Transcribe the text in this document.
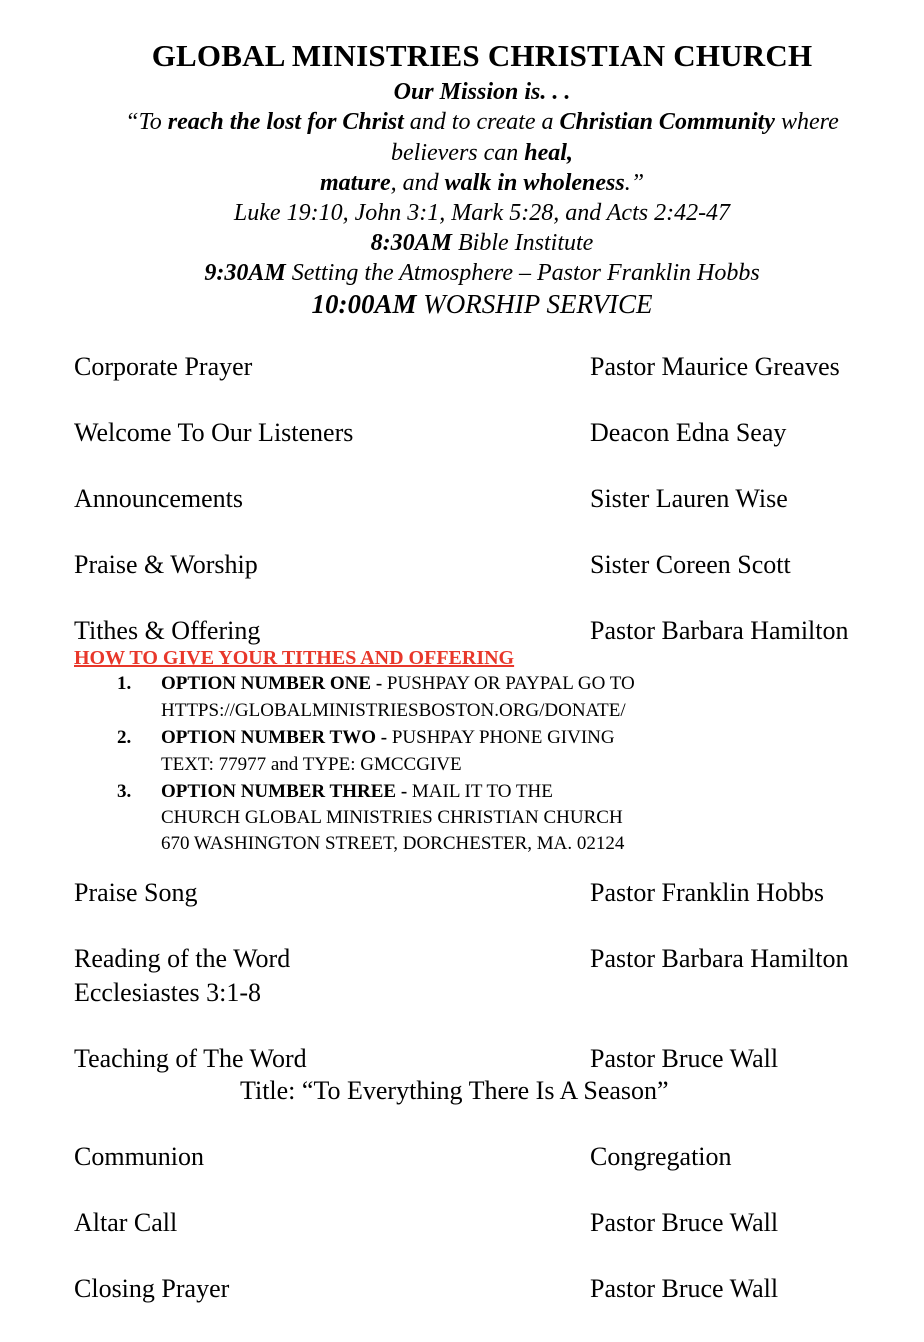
GLOBAL MINISTRIES CHRISTIAN CHURCH
Our Mission is. . .
“To reach the lost for Christ and to create a Christian Community where
believers can heal,
mature, and walk in wholeness.”
Luke 19:10, John 3:1, Mark 5:28, and Acts 2:42-47
8:30AM Bible Institute
9:30AM Setting the Atmosphere – Pastor Franklin Hobbs
10:00AM WORSHIP SERVICE
Corporate Prayer	Pastor Maurice Greaves
Welcome To Our Listeners	Deacon Edna Seay
Announcements	Sister Lauren Wise
Praise & Worship	Sister Coreen Scott
Tithes & Offering	Pastor Barbara Hamilton
HOW TO GIVE YOUR TITHES AND OFFERING
1. OPTION NUMBER ONE - PUSHPAY OR PAYPAL GO TO
HTTPS://GLOBALMINISTRIESBOSTON.ORG/DONATE/
2. OPTION NUMBER TWO - PUSHPAY PHONE GIVING
TEXT: 77977 and TYPE: GMCCGIVE
3. OPTION NUMBER THREE - MAIL IT TO THE
CHURCH GLOBAL MINISTRIES CHRISTIAN CHURCH
670 WASHINGTON STREET, DORCHESTER, MA. 02124
Praise Song	Pastor Franklin Hobbs
Reading of the Word	Pastor Barbara Hamilton
Ecclesiastes 3:1-8
Teaching of The Word	Pastor Bruce Wall
Title: “To Everything There Is A Season”
Communion	Congregation
Altar Call	Pastor Bruce Wall
Closing Prayer	Pastor Bruce Wall
